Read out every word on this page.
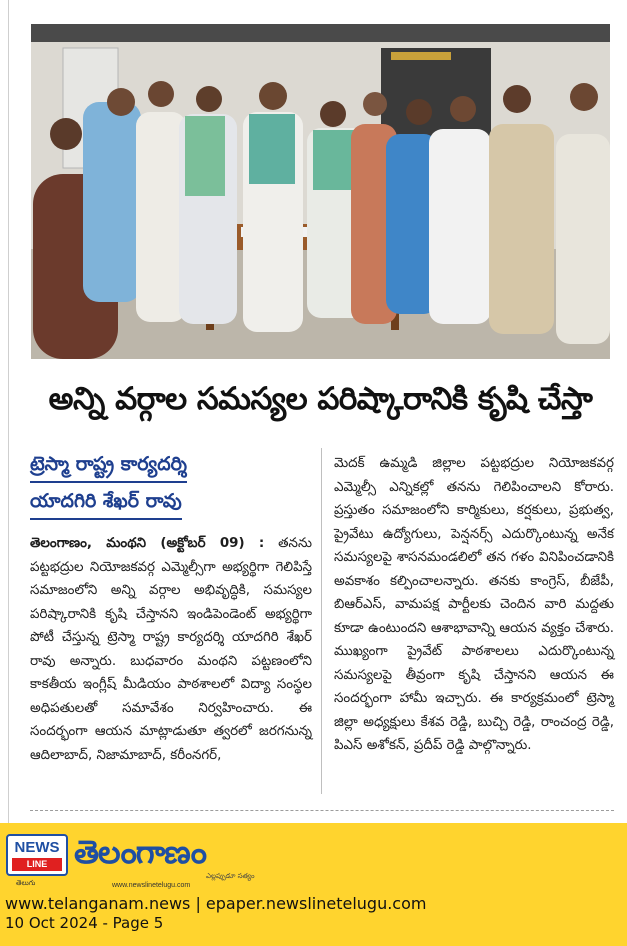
అన్ని వర్గాల సమస్యల పరిష్కారానికి కృషి చేస్తా
ట్రెస్మా రాష్ట్ర కార్యదర్శి
యాదగిరి శేఖర్ రావు

తెలంగాణం, మంథని (అక్టోబర్ 09) : తనను పట్టభద్రుల నియోజకవర్గ ఎమ్మెల్సీగా అభ్యర్థిగా గెలిపిస్తే సమాజంలోని అన్ని వర్గాల అభివృద్ధికి, సమస్యల పరిష్కారానికి కృషి చేస్తానని ఇండిపెండెంట్ అభ్యర్థిగా పోటీ చేస్తున్న ట్రెస్మా రాష్ట్ర కార్యదర్శి యాదగిరి శేఖర్ రావు అన్నారు. బుధవారం మంథని పట్టణంలోని కాకతీయ ఇంగ్లీష్ మీడియం పాఠశాలలో విద్యా సంస్థల అధిపతులతో సమావేశం నిర్వహించారు. ఈ సందర్భంగా ఆయన మాట్లాడుతూ త్వరలో జరగనున్న ఆదిలాబాద్, నిజామాబాద్, కరీంనగర్,

మెదక్ ఉమ్మడి జిల్లాల పట్టభద్రుల నియోజకవర్గ ఎమ్మెల్సీ ఎన్నికల్లో తనను గెలిపించాలని కోరారు. ప్రస్తుతం సమాజంలోని కార్మికులు, కర్షకులు, ప్రభుత్వ, ప్రైవేటు ఉద్యోగులు, పెన్షనర్స్ ఎదుర్కొంటున్న అనేక సమస్యలపై శాసనమండలిలో తన గళం వినిపించడానికి అవకాశం కల్పించాలన్నారు. తనకు కాంగ్రెస్, బీజేపీ, బిఆర్ఎస్, వామపక్ష పార్టీలకు చెందిన వారి మద్దతు కూడా ఉంటుందని ఆశాభావాన్ని ఆయన వ్యక్తం చేశారు. ముఖ్యంగా ప్రైవేట్ పాఠశాలలు ఎదుర్కొంటున్న సమస్యలపై తీవ్రంగా కృషి చేస్తానని ఆయన ఈ సందర్భంగా హామీ ఇచ్చారు. ఈ కార్యక్రమంలో ట్రెస్మా జిల్లా అధ్యక్షులు కేశవ రెడ్డి, బుచ్చి రెడ్డి, రాంచంద్ర రెడ్డి, పిఎస్ అశోకన్, ప్రదీప్ రెడ్డి పాల్గొన్నారు.

NEWS
LINE
తెలుగు
తెలంగాణం
ఎల్లప్పుడూ సత్యం
www.newslinetelugu.com
www.telanganam.news | epaper.newslinetelugu.com
10 Oct 2024 - Page 5
